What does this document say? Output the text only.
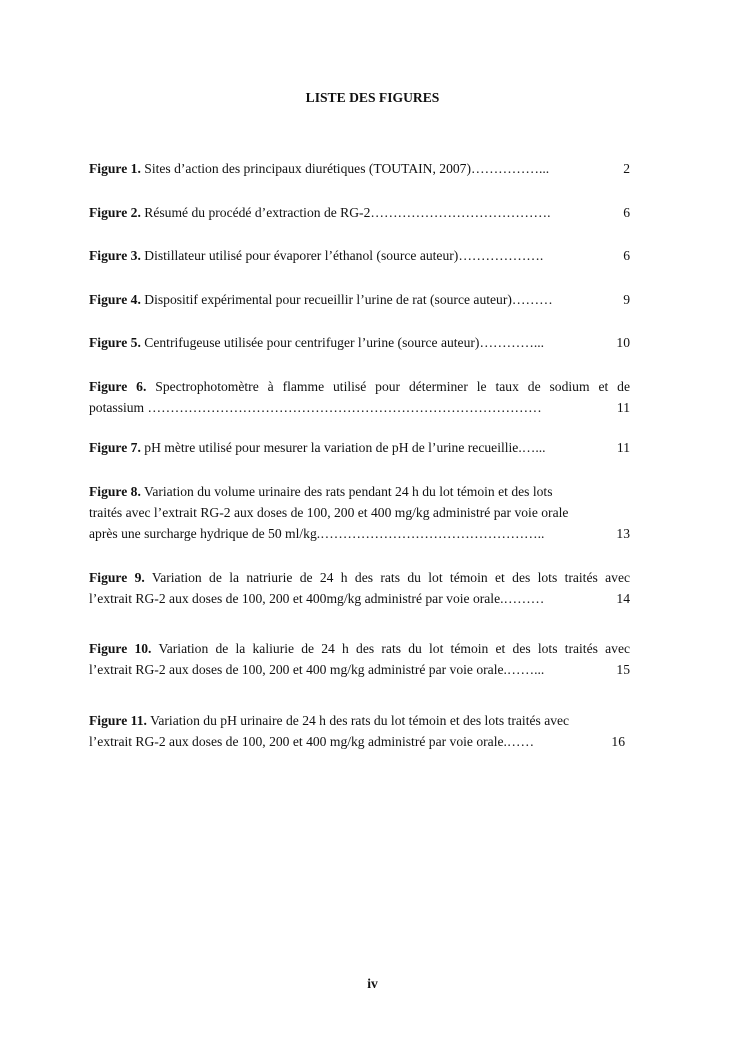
LISTE DES FIGURES

Figure 1. Sites d’action des principaux diurétiques (TOUTAIN, 2007)……………...	2

Figure 2. Résumé du procédé d’extraction de RG-2………………………………….	6

Figure 3. Distillateur utilisé pour évaporer l’éthanol (source auteur)……………….	6

Figure 4. Dispositif expérimental pour recueillir l’urine de rat (source auteur)………	9

Figure 5. Centrifugeuse utilisée pour centrifuger l’urine (source auteur)…………...	10

Figure 6. Spectrophotomètre à flamme utilisé pour déterminer le taux de sodium et de
potassium ……………………………………………………………………………	11

Figure 7. pH mètre utilisé pour mesurer la variation de pH de l’urine recueillie.…...	11

Figure 8. Variation du volume urinaire des rats pendant 24 h du lot témoin et des lots
traités avec l’extrait RG-2 aux doses de 100, 200 et 400 mg/kg administré par voie orale
après une surcharge hydrique de 50 ml/kg.…………………………………………..	13
Figure 9. Variation de la natriurie de 24 h des rats du lot témoin et des lots traités avec
l’extrait RG-2 aux doses de 100, 200 et 400mg/kg administré par voie orale.………	14
Figure 10. Variation de la kaliurie de 24 h des rats du lot témoin et des lots traités avec
l’extrait RG-2 aux doses de 100, 200 et 400 mg/kg administré par voie orale.……...	15
Figure 11. Variation du pH urinaire de 24 h des rats du lot témoin et des lots traités avec
l’extrait RG-2 aux doses de 100, 200 et 400 mg/kg administré par voie orale.……	16

iv
